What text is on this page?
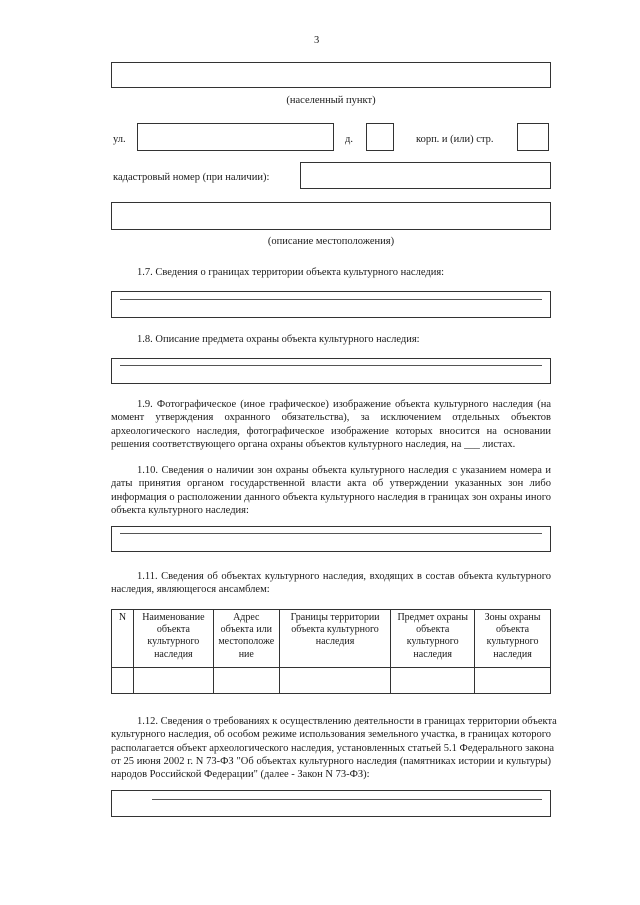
3
(населенный пункт)
ул.	д.	корп. и (или) стр.
кадастровый номер (при наличии):
(описание местоположения)
1.7. Сведения о границах территории объекта культурного наследия:
1.8. Описание предмета охраны объекта культурного наследия:
1.9. Фотографическое (иное графическое) изображение объекта культурного наследия (на
момент утверждения охранного обязательства), за исключением отдельных объектов
археологического наследия, фотографическое изображение которых вносится на основании
решения соответствующего органа охраны объектов культурного наследия, на ___ листах.
1.10. Сведения о наличии зон охраны объекта культурного наследия с указанием номера и
даты принятия органом государственной власти акта об утверждении указанных зон либо
информация о расположении данного объекта культурного наследия в границах зон охраны иного
объекта культурного наследия:
1.11. Сведения об объектах культурного наследия, входящих в состав объекта культурного
наследия, являющегося ансамблем:
N	Наименование объекта культурного наследия	Адрес объекта или местоположе ние	Границы территории объекта культурного наследия	Предмет охраны объекта культурного наследия	Зоны охраны объекта культурного наследия

1.12. Сведения о требованиях к осуществлению деятельности в границах территории объекта
культурного наследия, об особом режиме использования земельного участка, в границах которого
располагается объект археологического наследия, установленных статьей 5.1 Федерального закона
от 25 июня 2002 г. N 73-ФЗ "Об объектах культурного наследия (памятниках истории и культуры)
народов Российской Федерации" (далее - Закон N 73-ФЗ):
